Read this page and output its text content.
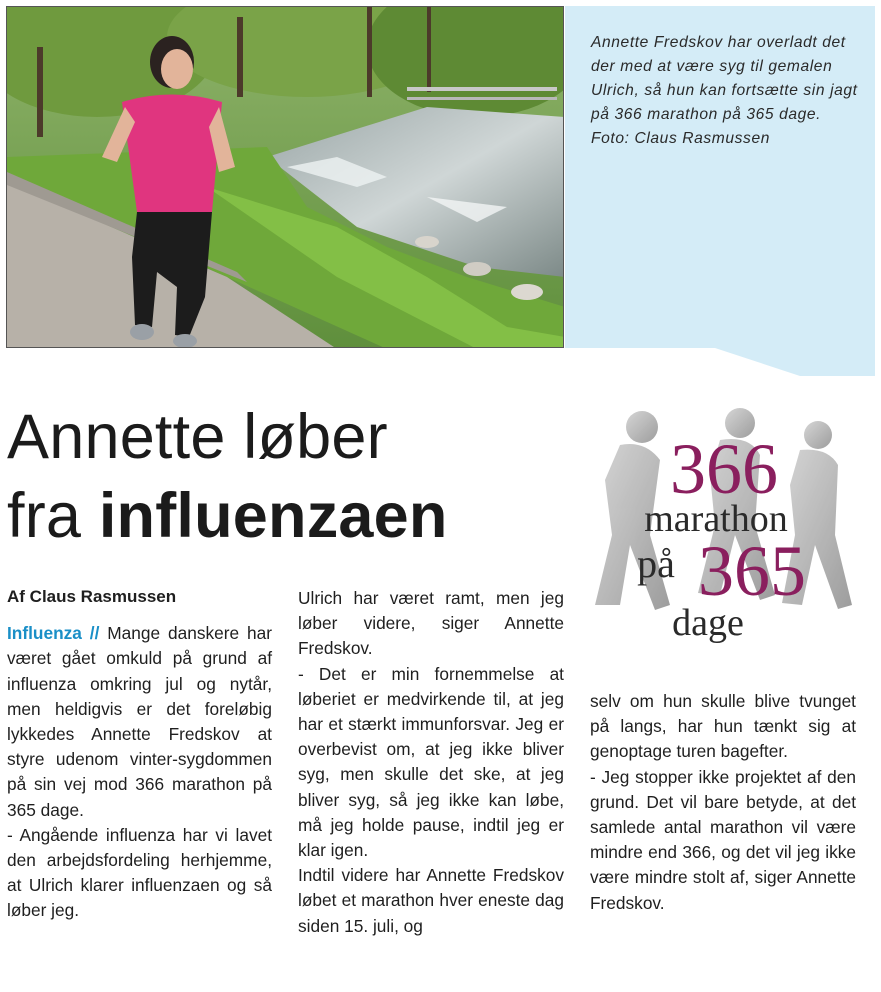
Annette Fredskov har overladt det der med at være syg til gemalen Ulrich, så hun kan fortsætte sin jagt på 366 marathon på 365 dage. Foto: Claus Rasmussen

Annette løber
fra influenzaen
366
marathon
på 365
dage

Af Claus Rasmussen

Influenza // Mange danskere har været gået omkuld på grund af influenza omkring jul og nytår, men heldigvis er det foreløbig lykkedes Annette Fredskov at styre udenom vinter-sygdommen på sin vej mod 366 marathon på 365 dage.

- Angående influenza har vi lavet den arbejdsfordeling herhjemme, at Ulrich klarer influenzaen og så løber jeg.

Ulrich har været ramt, men jeg løber videre, siger Annette Fredskov.

- Det er min fornemmelse at løberiet er medvirkende til, at jeg har et stærkt immunforsvar. Jeg er overbevist om, at jeg ikke bliver syg, men skulle det ske, at jeg bliver syg, så jeg ikke kan løbe, må jeg holde pause, indtil jeg er klar igen.

Indtil videre har Annette Fredskov løbet et marathon hver eneste dag siden 15. juli, og

selv om hun skulle blive tvunget på langs, har hun tænkt sig at genoptage turen bagefter.

- Jeg stopper ikke projektet af den grund. Det vil bare betyde, at det samlede antal marathon vil være mindre end 366, og det vil jeg ikke være mindre stolt af, siger Annette Fredskov.
